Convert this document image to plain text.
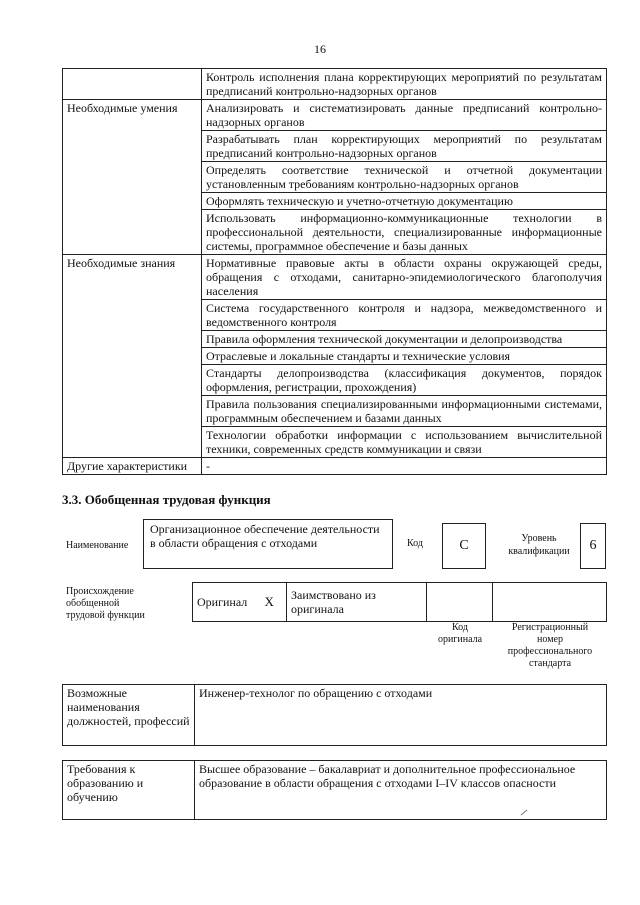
16
	Контроль исполнения плана корректирующих мероприятий по результатам предписаний контрольно-надзорных органов
Необходимые умения	Анализировать и систематизировать данные предписаний контрольно-надзорных органов
	Разрабатывать план корректирующих мероприятий по результатам предписаний контрольно-надзорных органов
	Определять соответствие технической и отчетной документации установленным требованиям контрольно-надзорных органов
	Оформлять техническую и учетно-отчетную документацию
	Использовать информационно-коммуникационные технологии в профессиональной деятельности, специализированные информационные системы, программное обеспечение и базы данных
Необходимые знания	Нормативные правовые акты в области охраны окружающей среды, обращения с отходами, санитарно-эпидемиологического благополучия населения
	Система государственного контроля и надзора, межведомственного и ведомственного контроля
	Правила оформления технической документации и делопроизводства
	Отраслевые и локальные стандарты и технические условия
	Стандарты делопроизводства (классификация документов, порядок оформления, регистрации, прохождения)
	Правила пользования специализированными информационными системами, программным обеспечением и базами данных
	Технологии обработки информации с использованием вычислительной техники, современных средств коммуникации и связи
Другие характеристики	-
3.3. Обобщенная трудовая функция
Наименование
Организационное обеспечение деятельности в области обращения с отходами	Код	C	Уровень квалификации	6
Происхождение обобщенной трудовой функции
Оригинал	X	Заимствовано из оригинала		
Код оригинала
Регистрационный номер профессионального стандарта
Возможные наименования должностей, профессий	Инженер-технолог по обращению с отходами
Требования к образованию и обучению	Высшее образование – бакалавриат и дополнительное профессиональное образование в области обращения с отходами I–IV классов опасности
